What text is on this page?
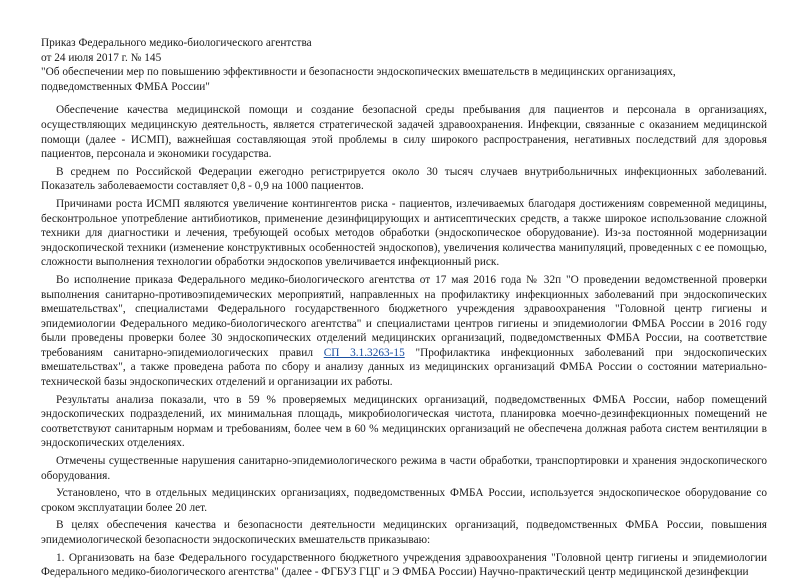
Приказ Федерального медико-биологического агентства

от 24 июля 2017 г. № 145

"Об обеспечении мер по повышению эффективности и безопасности эндоскопических вмешательств в медицинских организациях, подведомственных ФМБА России"

Обеспечение качества медицинской помощи и создание безопасной среды пребывания для пациентов и персонала в организациях, осуществляющих медицинскую деятельность, является стратегической задачей здравоохранения. Инфекции, связанные с оказанием медицинской помощи (далее - ИСМП), важнейшая составляющая этой проблемы в силу широкого распространения, негативных последствий для здоровья пациентов, персонала и экономики государства.

В среднем по Российской Федерации ежегодно регистрируется около 30 тысяч случаев внутрибольничных инфекционных заболеваний. Показатель заболеваемости составляет 0,8 - 0,9 на 1000 пациентов.

Причинами роста ИСМП являются увеличение контингентов риска - пациентов, излечиваемых благодаря достижениям современной медицины, бесконтрольное употребление антибиотиков, применение дезинфицирующих и антисептических средств, а также широкое использование сложной техники для диагностики и лечения, требующей особых методов обработки (эндоскопическое оборудование). Из-за постоянной модернизации эндоскопической техники (изменение конструктивных особенностей эндоскопов), увеличения количества манипуляций, проведенных с ее помощью, сложности выполнения технологии обработки эндоскопов увеличивается инфекционный риск.

Во исполнение приказа Федерального медико-биологического агентства от 17 мая 2016 года № 32п "О проведении ведомственной проверки выполнения санитарно-противоэпидемических мероприятий, направленных на профилактику инфекционных заболеваний при эндоскопических вмешательствах", специалистами Федерального государственного бюджетного учреждения здравоохранения "Головной центр гигиены и эпидемиологии Федерального медико-биологического агентства" и специалистами центров гигиены и эпидемиологии ФМБА России в 2016 году были проведены проверки более 30 эндоскопических отделений медицинских организаций, подведомственных ФМБА России, на соответствие требованиям санитарно-эпидемиологических правил СП 3.1.3263-15 "Профилактика инфекционных заболеваний при эндоскопических вмешательствах", а также проведена работа по сбору и анализу данных из медицинских организаций ФМБА России о состоянии материально-технической базы эндоскопических отделений и организации их работы.

Результаты анализа показали, что в 59 % проверяемых медицинских организаций, подведомственных ФМБА России, набор помещений эндоскопических подразделений, их минимальная площадь, микробиологическая чистота, планировка моечно-дезинфекционных помещений не соответствуют санитарным нормам и требованиям, более чем в 60 % медицинских организаций не обеспечена должная работа систем вентиляции в эндоскопических отделениях.

Отмечены существенные нарушения санитарно-эпидемиологического режима в части обработки, транспортировки и хранения эндоскопического оборудования.

Установлено, что в отдельных медицинских организациях, подведомственных ФМБА России, используется эндоскопическое оборудование со сроком эксплуатации более 20 лет.

В целях обеспечения качества и безопасности деятельности медицинских организаций, подведомственных ФМБА России, повышения эпидемиологической безопасности эндоскопических вмешательств приказываю:

1. Организовать на базе Федерального государственного бюджетного учреждения здравоохранения "Головной центр гигиены и эпидемиологии Федерального медико-биологического агентства" (далее - ФГБУЗ ГЦГ и Э ФМБА России) Научно-практический центр медицинской дезинфекции
